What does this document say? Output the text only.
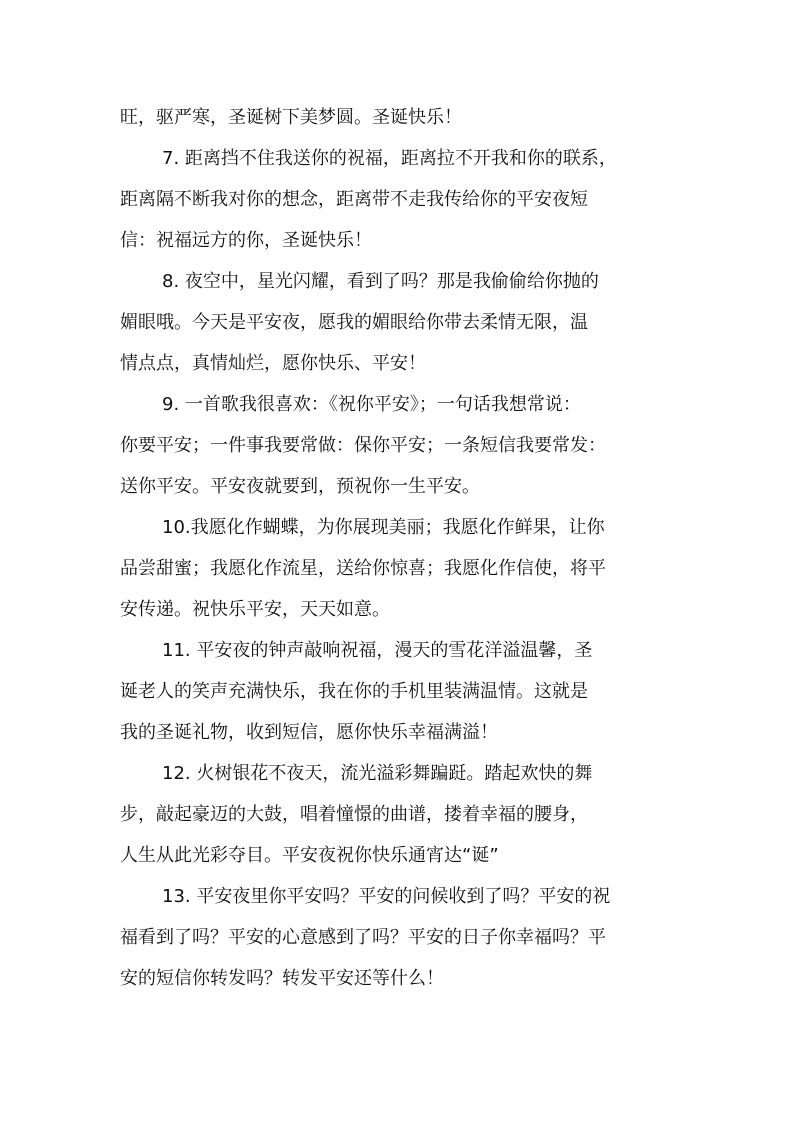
旺，驱严寒，圣诞树下美梦圆。圣诞快乐！

7. 距离挡不住我送你的祝福，距离拉不开我和你的联系，
距离隔不断我对你的想念，距离带不走我传给你的平安夜短
信：祝福远方的你，圣诞快乐！

8. 夜空中，星光闪耀，看到了吗？那是我偷偷给你抛的
媚眼哦。今天是平安夜，愿我的媚眼给你带去柔情无限，温
情点点，真情灿烂，愿你快乐、平安！

9. 一首歌我很喜欢：《祝你平安》；一句话我想常说：
你要平安；一件事我要常做：保你平安；一条短信我要常发：
送你平安。平安夜就要到，预祝你一生平安。

10.我愿化作蝴蝶，为你展现美丽；我愿化作鲜果，让你
品尝甜蜜；我愿化作流星，送给你惊喜；我愿化作信使，将平
安传递。祝快乐平安，天天如意。

11. 平安夜的钟声敲响祝福，漫天的雪花洋溢温馨，圣
诞老人的笑声充满快乐，我在你的手机里装满温情。这就是
我的圣诞礼物，收到短信，愿你快乐幸福满溢！

12. 火树银花不夜天，流光溢彩舞蹁跹。踏起欢快的舞
步，敲起豪迈的大鼓，唱着憧憬的曲谱，搂着幸福的腰身，
人生从此光彩夺目。平安夜祝你快乐通宵达“诞”

13. 平安夜里你平安吗？平安的问候收到了吗？平安的祝
福看到了吗？平安的心意感到了吗？平安的日子你幸福吗？平
安的短信你转发吗？转发平安还等什么！
